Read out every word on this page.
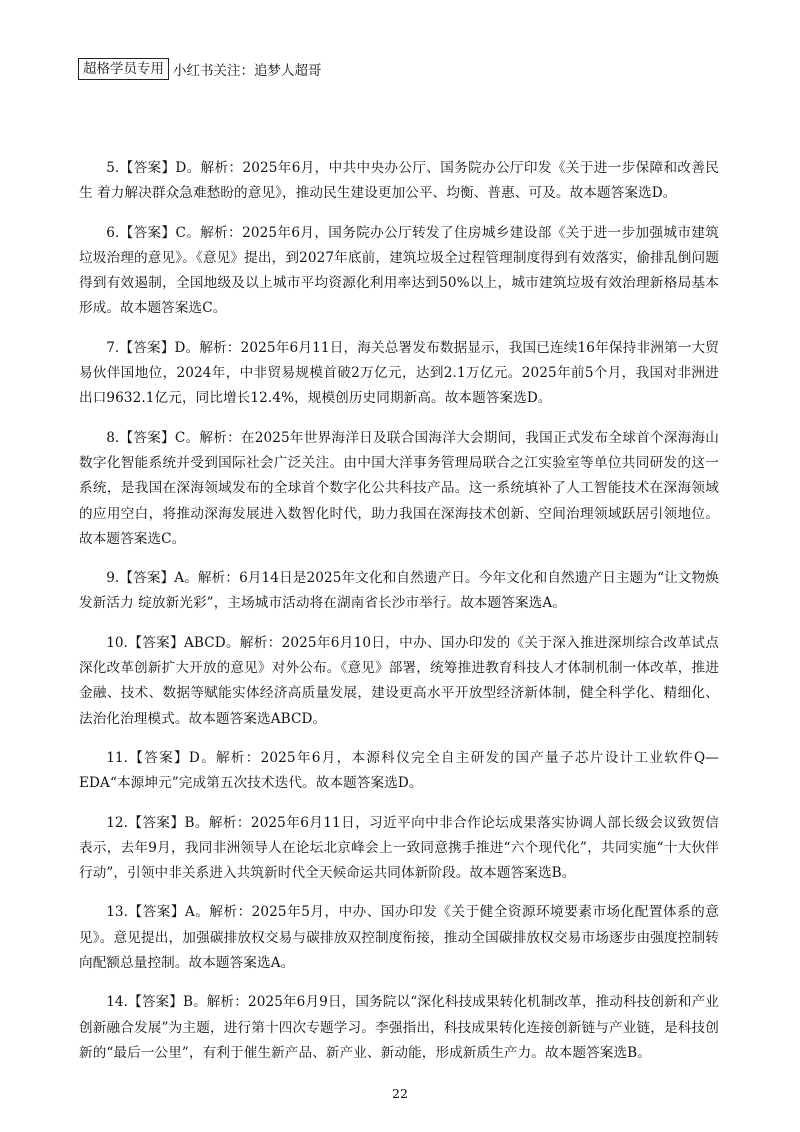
超格学员专用 小红书关注：追梦人超哥

5.【答案】D。解析：2025年6月，中共中央办公厅、国务院办公厅印发《关于进一步保障和改善民生 着力解决群众急难愁盼的意见》，推动民生建设更加公平、均衡、普惠、可及。故本题答案选D。

6.【答案】C。解析：2025年6月，国务院办公厅转发了住房城乡建设部《关于进一步加强城市建筑垃圾治理的意见》。《意见》提出，到2027年底前，建筑垃圾全过程管理制度得到有效落实，偷排乱倒问题得到有效遏制，全国地级及以上城市平均资源化利用率达到50%以上，城市建筑垃圾有效治理新格局基本形成。故本题答案选C。

7.【答案】D。解析：2025年6月11日，海关总署发布数据显示，我国已连续16年保持非洲第一大贸易伙伴国地位，2024年，中非贸易规模首破2万亿元，达到2.1万亿元。2025年前5个月，我国对非洲进出口9632.1亿元，同比增长12.4%，规模创历史同期新高。故本题答案选D。

8.【答案】C。解析：在2025年世界海洋日及联合国海洋大会期间，我国正式发布全球首个深海海山数字化智能系统并受到国际社会广泛关注。由中国大洋事务管理局联合之江实验室等单位共同研发的这一系统，是我国在深海领域发布的全球首个数字化公共科技产品。这一系统填补了人工智能技术在深海领域的应用空白，将推动深海发展进入数智化时代，助力我国在深海技术创新、空间治理领域跃居引领地位。故本题答案选C。

9.【答案】A。解析：6月14日是2025年文化和自然遗产日。今年文化和自然遗产日主题为“让文物焕发新活力 绽放新光彩”，主场城市活动将在湖南省长沙市举行。故本题答案选A。

10.【答案】ABCD。解析：2025年6月10日，中办、国办印发的《关于深入推进深圳综合改革试点 深化改革创新扩大开放的意见》对外公布。《意见》部署，统筹推进教育科技人才体制机制一体改革，推进金融、技术、数据等赋能实体经济高质量发展，建设更高水平开放型经济新体制，健全科学化、精细化、法治化治理模式。故本题答案选ABCD。

11.【答案】D。解析：2025年6月，本源科仪完全自主研发的国产量子芯片设计工业软件Q—EDA“本源坤元”完成第五次技术迭代。故本题答案选D。

12.【答案】B。解析：2025年6月11日，习近平向中非合作论坛成果落实协调人部长级会议致贺信表示，去年9月，我同非洲领导人在论坛北京峰会上一致同意携手推进“六个现代化”，共同实施“十大伙伴行动”，引领中非关系进入共筑新时代全天候命运共同体新阶段。故本题答案选B。

13.【答案】A。解析：2025年5月，中办、国办印发《关于健全资源环境要素市场化配置体系的意见》。意见提出，加强碳排放权交易与碳排放双控制度衔接，推动全国碳排放权交易市场逐步由强度控制转向配额总量控制。故本题答案选A。

14.【答案】B。解析：2025年6月9日，国务院以“深化科技成果转化机制改革，推动科技创新和产业创新融合发展”为主题，进行第十四次专题学习。李强指出，科技成果转化连接创新链与产业链，是科技创新的“最后一公里”，有利于催生新产品、新产业、新动能，形成新质生产力。故本题答案选B。

22
